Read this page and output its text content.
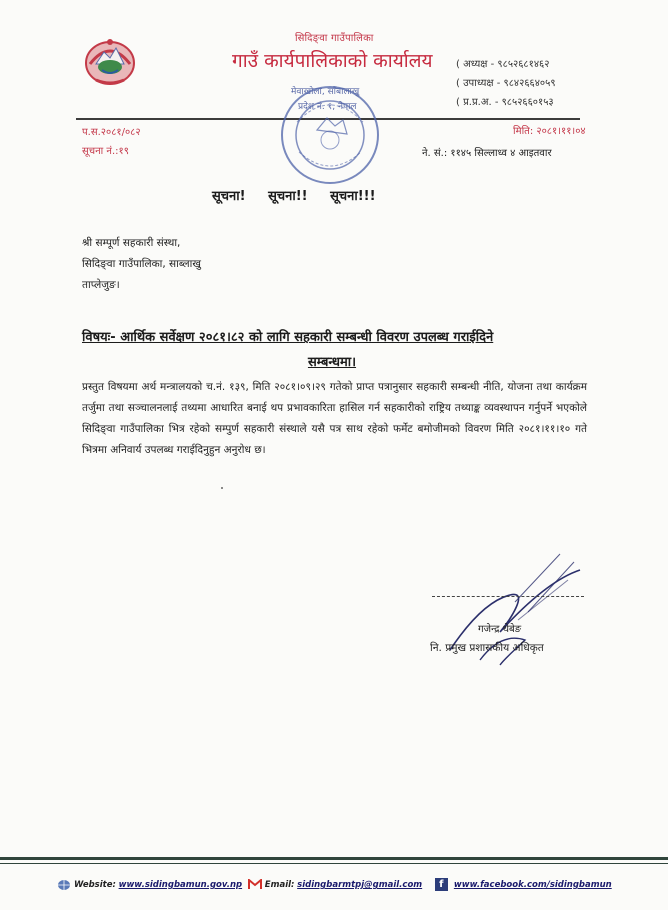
सिदिङ्वा गाउँपालिका
गाउँ कार्यपालिकाको कार्यालय
मेवाखोला, साँबालाखु
प्रदेश नं. १, नेपाल
( अध्यक्ष - ९८५२६८१४६२
( उपाध्यक्ष - ९८४२६६४०५९
( प्र.प्र.अ. - ९८५२६६०१५३
प.स.२०८१/०८२
सूचना नं.:१९
मिति: २०८१।११।०४
ने. सं.: ११४५ सिल्लाध्व ४ आइतवार
सूचना! सूचना!! सूचना!!!
श्री सम्पूर्ण सहकारी संस्था,
सिदिङ्वा गाउँपालिका, साब्लाखु
ताप्लेजुङ।
विषयः- आर्थिक सर्वेक्षण २०८१।८२ को लागि सहकारी सम्बन्धी विवरण उपलब्ध गराईदिने
सम्बन्धमा।
प्रस्तुत विषयमा अर्थ मन्त्रालयको च.नं. १३९, मिति २०८१।०९।२९ गतेको प्राप्त पत्रानुसार सहकारी सम्बन्धी नीति, योजना तथा कार्यक्रम तर्जुमा तथा सञ्चालनलाई तथ्यमा आधारित बनाई थप प्रभावकारिता हासिल गर्न सहकारीको राष्ट्रिय तथ्याङ्क व्यवस्थापन गर्नुपर्ने भएकोले सिदिङ्वा गाउँपालिका भित्र रहेको सम्पुर्ण सहकारी संस्थाले यसै पत्र साथ रहेको फर्मेट बमोजीमको विवरण मिति २०८१।११।१० गते भित्रमा अनिवार्य उपलब्ध गराईदिनुहुन अनुरोध छ।
गजेन्द्र थेबेङ
नि. प्रमुख प्रशासकीय अधिकृत
Website: www.sidingbamun.gov.np	Email: sidingbarmtpj@gmail.com f www.facebook.com/sidingbamun
